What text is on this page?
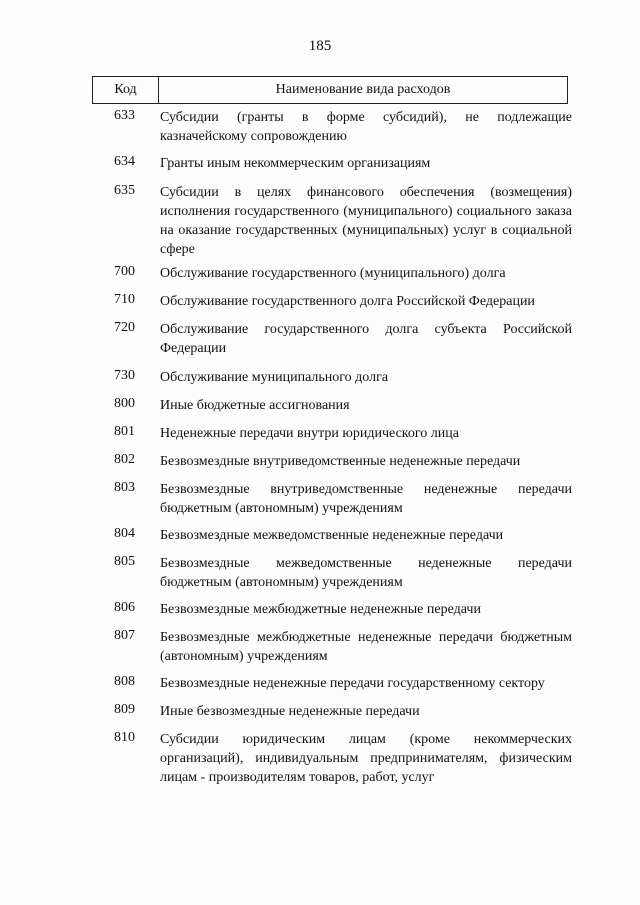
185
Код	Наименование вида расходов
633	Субсидии (гранты в форме субсидий), не подлежащие казначейскому сопровождению
634	Гранты иным некоммерческим организациям
635	Субсидии в целях финансового обеспечения (возмещения) исполнения государственного (муниципального) социального заказа на оказание государственных (муниципальных) услуг в социальной сфере
700	Обслуживание государственного (муниципального) долга
710	Обслуживание государственного долга Российской Федерации
720	Обслуживание государственного долга субъекта Российской Федерации
730	Обслуживание муниципального долга
800	Иные бюджетные ассигнования
801	Неденежные передачи внутри юридического лица
802	Безвозмездные внутриведомственные неденежные передачи
803	Безвозмездные внутриведомственные неденежные передачи бюджетным (автономным) учреждениям
804	Безвозмездные межведомственные неденежные передачи
805	Безвозмездные межведомственные неденежные передачи бюджетным (автономным) учреждениям
806	Безвозмездные межбюджетные неденежные передачи
807	Безвозмездные межбюджетные неденежные передачи бюджетным (автономным) учреждениям
808	Безвозмездные неденежные передачи государственному сектору
809	Иные безвозмездные неденежные передачи
810	Субсидии юридическим лицам (кроме некоммерческих организаций), индивидуальным предпринимателям, физическим лицам - производителям товаров, работ, услуг
